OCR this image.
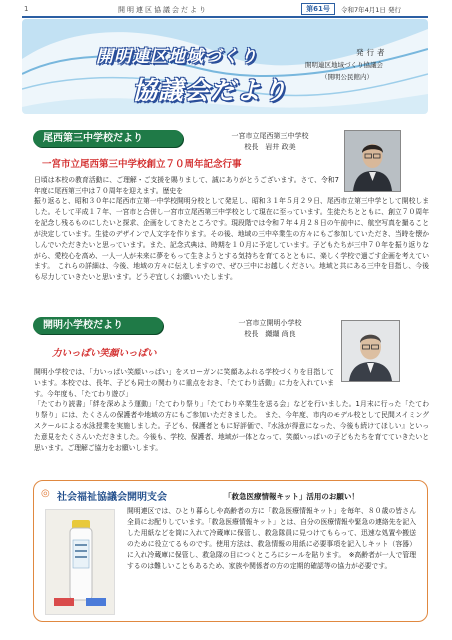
1	開明連区協議会だより	第61号	令和7年4月1日 発行
開明連区地域づくり
協議会だより
発行者
開明連区地域づくり協議会
（開明公民館内）
尾西第三中学校だより	一宮市立尾西第三中学校
校長　岩井 政美
一宮市立尾西第三中学校創立７０周年記念行事
日頃は本校の教育活動に、ご理解・ご支援を賜りまして、誠にありがとうございます。さて、令和7年度に尾西第三中は７０周年を迎えます。歴史を
振り返ると、昭和３０年に尾西市立第一中学校開明分校として発足し、昭和３１年５月２９日、尾西市立第三中学として開校しました。そして平成１７年、一宮市と合併し一宮市立尾西第三中学校として現在に至っています。生徒たちとともに、創立７０周年を記念し残るものにしたいと探求、企画をしてきたところです。現段階では令和７年４月２８日の午前中に、航空写真を撮ることが決定しています。生徒のデザインで人文字を作ります。その後、地域の三中卒業生の方々にもご参加していただき、当時を懐かしんでいただきたいと思っています。また、記念式典は、時期を１０月に予定しています。子どもたちが三中７０年を振り返りながら、愛校心を高め、一人一人が未来に夢をもって生きようとする気持ちを育てるとともに、楽しく学校で過ごす企画を考えています。　これらの詳細は、今後、地域の方々に伝えしますので、ぜひ三中にお越しください。地域と共にある三中を目指し、今後も尽力していきたいと思います。どうぞ宜しくお願いいたします。
開明小学校だより	一宮市立開明小学校
校長　纐纈 尚良
力いっぱい笑顔いっぱい
開明小学校では、「力いっぱい笑顔いっぱい」をスローガンに笑顔あふれる学校づくりを目指しています。本校では、長年、子ども同士の関わりに重点をおき、「たてわり活動」に力を入れています。今年度も、「たてわり遊び」
「たてわり読書」「絆を深めよう運動」「たてわり祭り」「たてわり卒業生を送る会」などを行いました。1月末に行った「たてわり祭り」には、たくさんの保護者や地域の方にもご参加いただきました。　また、今年度、市内のモデル校として民間スイミングスクールによる水泳授業を実施しました。子ども、保護者ともに好評価で、『水泳が得意になった、今後も続けてほしい』といった意見をたくさんいただきました。今後も、学校、保護者、地域が一体となって、笑顔いっぱいの子どもたちを育てていきたいと思います。ご理解ご協力をお願いします。
◎ 社会福祉協議会開明支会	「救急医療情報キット」活用のお願い！
開明連区では、ひとり暮らしや高齢者の方に「救急医療情報キット」を毎年、８０歳の皆さん全員にお配りしています。「救急医療情報キット」とは、自分の医療情報や緊急の連絡先を記入した用紙などを筒に入れて冷蔵庫に保管し、救急隊員に見つけてもらって、迅速な処置や搬送のために役立てるものです。使用方法は、救急情報の用紙に必要事項を記入しキット（容器）に入れ冷蔵庫に保管し、救急隊の目につくところにシールを貼ります。　※高齢者が一人で管理するのは難しいこともあるため、家族や関係者の方の定期的確認等の協力が必要です。
